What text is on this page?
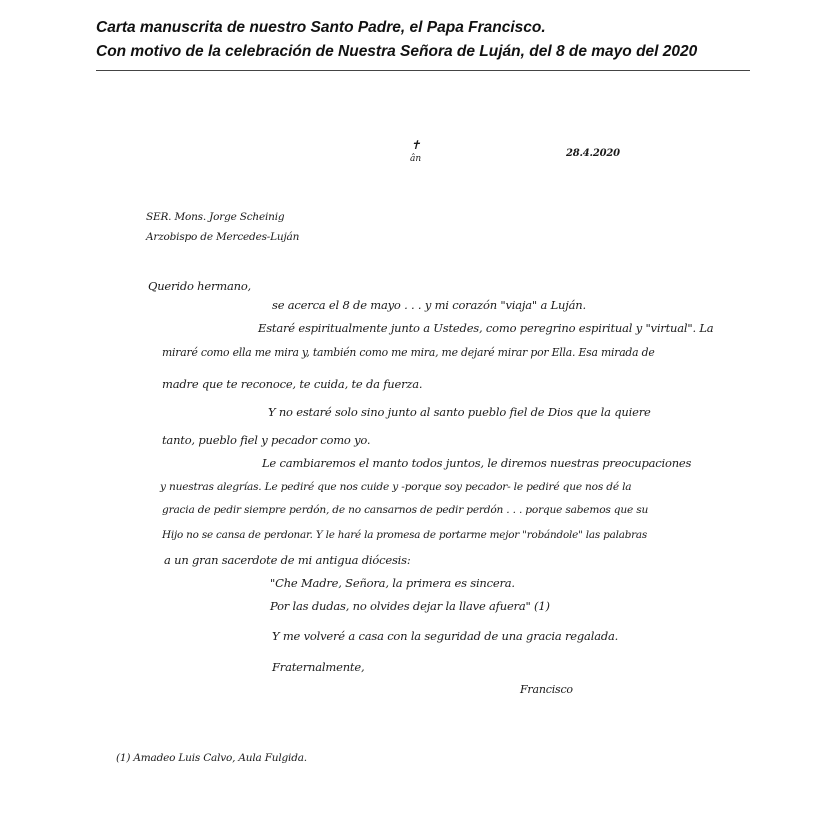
Carta manuscrita de nuestro Santo Padre, el Papa Francisco.
Con motivo de la celebración de Nuestra Señora de Luján, del 8 de mayo del 2020
✝
ân	28.4.2020
SER. Mons. Jorge Scheinig
Arzobispo de Mercedes-Luján
Querido hermano,
se acerca el 8 de mayo . . . y mi corazón "viaja" a Luján.
Estaré espiritualmente junto a Ustedes, como peregrino espiritual y "virtual". La
miraré como ella me mira y, también como me mira, me dejaré mirar por Ella. Esa mirada de
madre que te reconoce, te cuida, te da fuerza.
Y no estaré solo sino junto al santo pueblo fiel de Dios que la quiere
tanto, pueblo fiel y pecador como yo.
Le cambiaremos el manto todos juntos, le diremos nuestras preocupaciones
y nuestras alegrías. Le pediré que nos cuide y -porque soy pecador- le pediré que nos dé la
gracia de pedir siempre perdón, de no cansarnos de pedir perdón . . . porque sabemos que su
Hijo no se cansa de perdonar. Y le haré la promesa de portarme mejor "robándole" las palabras
a un gran sacerdote de mi antigua diócesis:
"Che Madre, Señora, la primera es sincera.
Por las dudas, no olvides dejar la llave afuera" (1)
Y me volveré a casa con la seguridad de una gracia regalada.
Fraternalmente,
Francisco
(1) Amadeo Luis Calvo, Aula Fulgida.
